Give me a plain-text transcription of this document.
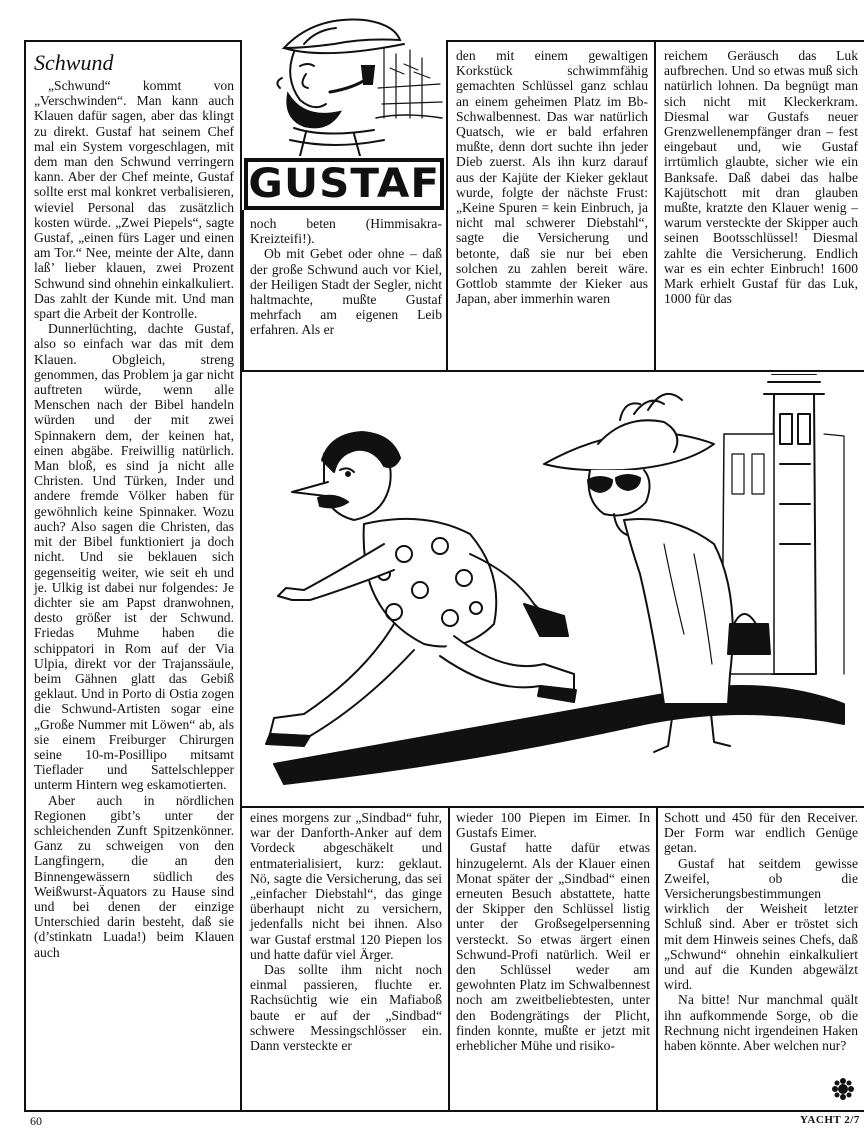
Schwund

„Schwund“ kommt von „Verschwinden“. Man kann auch Klauen dafür sagen, aber das klingt zu direkt. Gustaf hat seinem Chef mal ein System vorgeschlagen, mit dem man den Schwund verringern kann. Aber der Chef meinte, Gustaf sollte erst mal konkret verbalisieren, wieviel Personal das zusätzlich kosten würde. „Zwei Piepels“, sagte Gustaf, „einen fürs Lager und einen am Tor.“ Nee, meinte der Alte, dann laß’ lieber klauen, zwei Prozent Schwund sind ohnehin einkalkuliert. Das zahlt der Kunde mit. Und man spart die Arbeit der Kontrolle.

Dunnerlüchting, dachte Gustaf, also so einfach war das mit dem Klauen. Obgleich, streng genommen, das Problem ja gar nicht auftreten würde, wenn alle Menschen nach der Bibel handeln würden und der mit zwei Spinnakern dem, der keinen hat, einen abgäbe. Freiwillig natürlich. Man bloß, es sind ja nicht alle Christen. Und Türken, Inder und andere fremde Völker haben für gewöhnlich keine Spinnaker. Wozu auch? Also sagen die Christen, das mit der Bibel funktioniert ja doch nicht. Und sie beklauen sich gegenseitig weiter, wie seit eh und je. Ulkig ist dabei nur folgendes: Je dichter sie am Papst dranwohnen, desto größer ist der Schwund. Friedas Muhme haben die schippatori in Rom auf der Via Ulpia, direkt vor der Trajanssäule, beim Gähnen glatt das Gebiß geklaut. Und in Porto di Ostia zogen die Schwund-Artisten sogar eine „Große Nummer mit Löwen“ ab, als sie einem Freiburger Chirurgen seine 10-m-Posillipo mitsamt Tieflader und Sattelschlepper unterm Hintern weg eskamotierten.

Aber auch in nördlichen Regionen gibt’s unter der schleichenden Zunft Spitzenkönner. Ganz zu schweigen von den Langfingern, die an den Binnengewässern südlich des Weißwurst-Äquators zu Hause sind und bei denen der einzige Unterschied darin besteht, daß sie (d’stinkatn Luada!) beim Klauen auch

GUSTAF

noch beten (Himmisakra-Kreizteifi!).

Ob mit Gebet oder ohne – daß der große Schwund auch vor Kiel, der Heiligen Stadt der Segler, nicht haltmachte, mußte Gustaf mehrfach am eigenen Leib erfahren. Als er

den mit einem gewaltigen Korkstück schwimmfähig gemachten Schlüssel ganz schlau an einem geheimen Platz im Bb-Schwalbennest. Das war natürlich Quatsch, wie er bald erfahren mußte, denn dort suchte ihn jeder Dieb zuerst. Als ihn kurz darauf aus der Kajüte der Kieker geklaut wurde, folgte der nächste Frust: „Keine Spuren = kein Einbruch, ja nicht mal schwerer Diebstahl“, sagte die Versicherung und betonte, daß sie nur bei eben solchen zu zahlen bereit wäre. Gottlob stammte der Kieker aus Japan, aber immerhin waren

reichem Geräusch das Luk aufbrechen. Und so etwas muß sich natürlich lohnen. Da begnügt man sich nicht mit Kleckerkram. Diesmal war Gustafs neuer Grenzwellenempfänger dran – fest eingebaut und, wie Gustaf irrtümlich glaubte, sicher wie ein Banksafe. Daß dabei das halbe Kajütschott mit dran glauben mußte, kratzte den Klauer wenig – warum versteckte der Skipper auch seinen Bootsschlüssel! Diesmal zahlte die Versicherung. Endlich war es ein echter Einbruch! 1600 Mark erhielt Gustaf für das Luk, 1000 für das

eines morgens zur „Sindbad“ fuhr, war der Danforth-Anker auf dem Vordeck abgeschäkelt und entmaterialisiert, kurz: geklaut. Nö, sagte die Versicherung, das sei „einfacher Diebstahl“, das ginge überhaupt nicht zu versichern, jedenfalls nicht bei ihnen. Also war Gustaf erstmal 120 Piepen los und hatte dafür viel Ärger.

Das sollte ihm nicht noch einmal passieren, fluchte er. Rachsüchtig wie ein Mafiaboß baute er auf der „Sindbad“ schwere Messingschlösser ein. Dann versteckte er

wieder 100 Piepen im Eimer. In Gustafs Eimer.

Gustaf hatte dafür etwas hinzugelernt. Als der Klauer einen Monat später der „Sindbad“ einen erneuten Besuch abstattete, hatte der Skipper den Schlüssel listig unter der Großsegelpersenning versteckt. So etwas ärgert einen Schwund-Profi natürlich. Weil er den Schlüssel weder am gewohnten Platz im Schwalbennest noch am zweitbeliebtesten, unter den Bodengrätings der Plicht, finden konnte, mußte er jetzt mit erheblicher Mühe und risiko-

Schott und 450 für den Receiver. Der Form war endlich Genüge getan.

Gustaf hat seitdem gewisse Zweifel, ob die Versicherungsbestimmungen wirklich der Weisheit letzter Schluß sind. Aber er tröstet sich mit dem Hinweis seines Chefs, daß „Schwund“ ohnehin einkalkuliert und auf die Kunden abgewälzt wird.

Na bitte! Nur manchmal quält ihn aufkommende Sorge, ob die Rechnung nicht irgendeinen Haken haben könnte. Aber welchen nur?

60	YACHT 2/7
